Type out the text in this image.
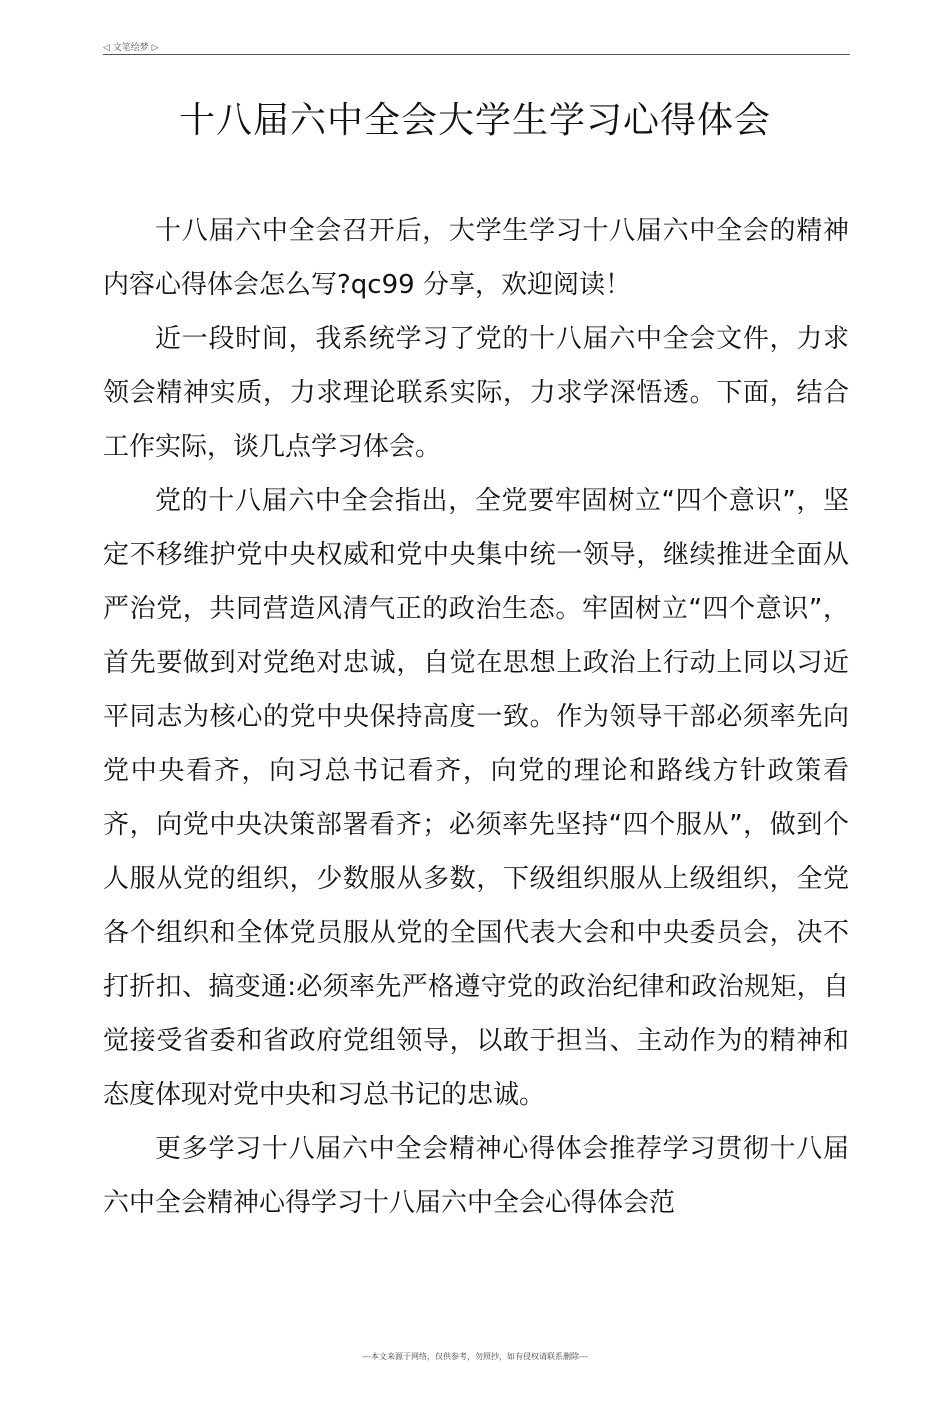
◁ 文笔绘梦 ▷
十八届六中全会大学生学习心得体会

十八届六中全会召开后，大学生学习十八届六中全会的精神内容心得体会怎么写?qc99 分享，欢迎阅读！

近一段时间，我系统学习了党的十八届六中全会文件，力求领会精神实质，力求理论联系实际，力求学深悟透。下面，结合工作实际，谈几点学习体会。

党的十八届六中全会指出，全党要牢固树立“四个意识”，坚定不移维护党中央权威和党中央集中统一领导，继续推进全面从严治党，共同营造风清气正的政治生态。牢固树立“四个意识”，首先要做到对党绝对忠诚，自觉在思想上政治上行动上同以习近平同志为核心的党中央保持高度一致。作为领导干部必须率先向党中央看齐，向习总书记看齐，向党的理论和路线方针政策看齐，向党中央决策部署看齐；必须率先坚持“四个服从”，做到个人服从党的组织，少数服从多数，下级组织服从上级组织，全党各个组织和全体党员服从党的全国代表大会和中央委员会，决不打折扣、搞变通:必须率先严格遵守党的政治纪律和政治规矩，自觉接受省委和省政府党组领导，以敢于担当、主动作为的精神和态度体现对党中央和习总书记的忠诚。

更多学习十八届六中全会精神心得体会推荐学习贯彻十八届六中全会精神心得学习十八届六中全会心得体会范

---本文来源于网络，仅供参考，勿照抄，如有侵权请联系删除---
